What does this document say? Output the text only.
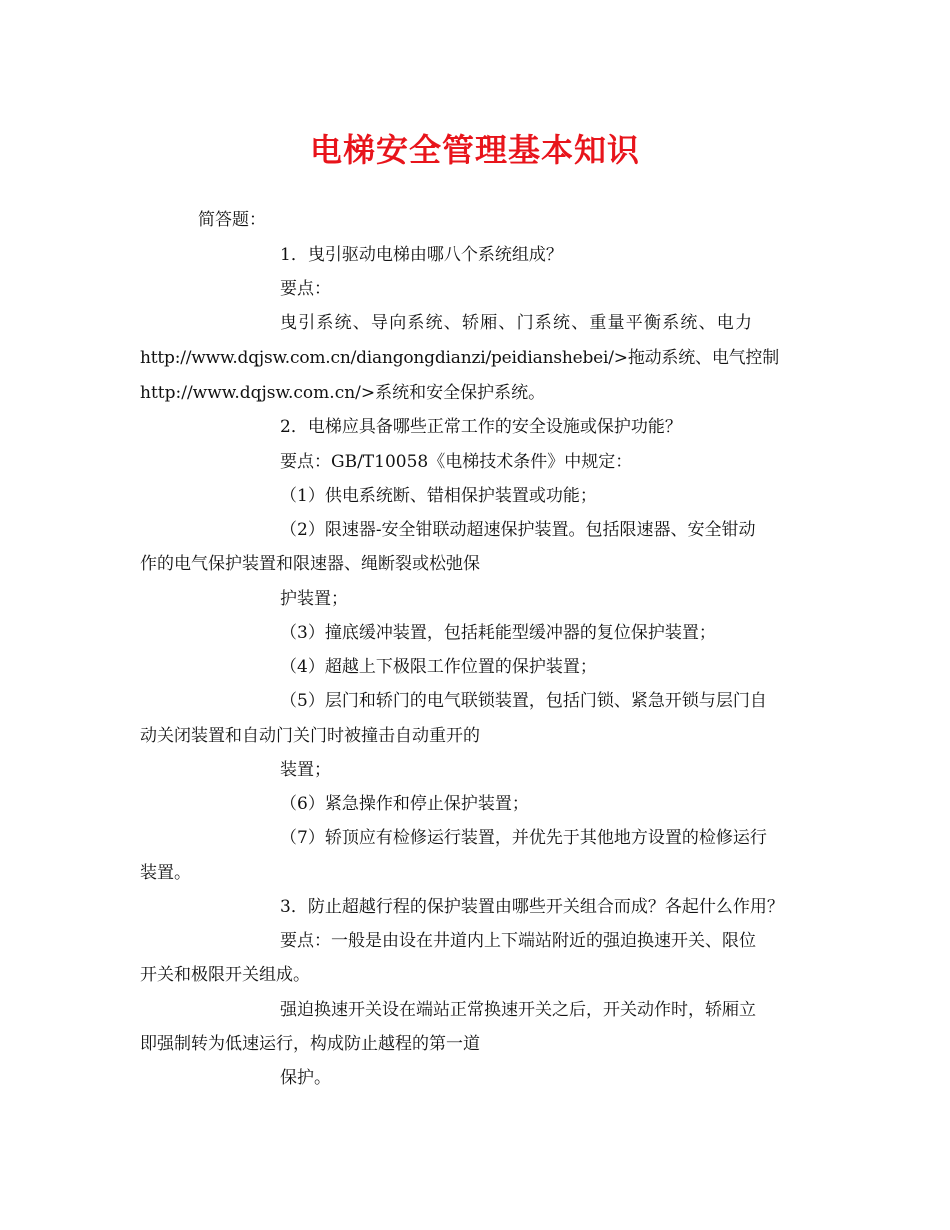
电梯安全管理基本知识
简答题：
1．曳引驱动电梯由哪八个系统组成？
要点：
曳引系统、导向系统、轿厢、门系统、重量平衡系统、电力
http://www.dqjsw.com.cn/diangongdianzi/peidianshebei/>拖动系统、电气控制
http://www.dqjsw.com.cn/>系统和安全保护系统。
2．电梯应具备哪些正常工作的安全设施或保护功能？
要点：GB/T10058《电梯技术条件》中规定：
（1）供电系统断、错相保护装置或功能；
（2）限速器-安全钳联动超速保护装置。包括限速器、安全钳动
作的电气保护装置和限速器、绳断裂或松弛保
护装置；
（3）撞底缓冲装置，包括耗能型缓冲器的复位保护装置；
（4）超越上下极限工作位置的保护装置；
（5）层门和轿门的电气联锁装置，包括门锁、紧急开锁与层门自
动关闭装置和自动门关门时被撞击自动重开的
装置；
（6）紧急操作和停止保护装置；
（7）轿顶应有检修运行装置，并优先于其他地方设置的检修运行
装置。
3．防止超越行程的保护装置由哪些开关组合而成？各起什么作用？
要点：一般是由设在井道内上下端站附近的强迫换速开关、限位
开关和极限开关组成。
强迫换速开关设在端站正常换速开关之后，开关动作时，轿厢立
即强制转为低速运行，构成防止越程的第一道
保护。
